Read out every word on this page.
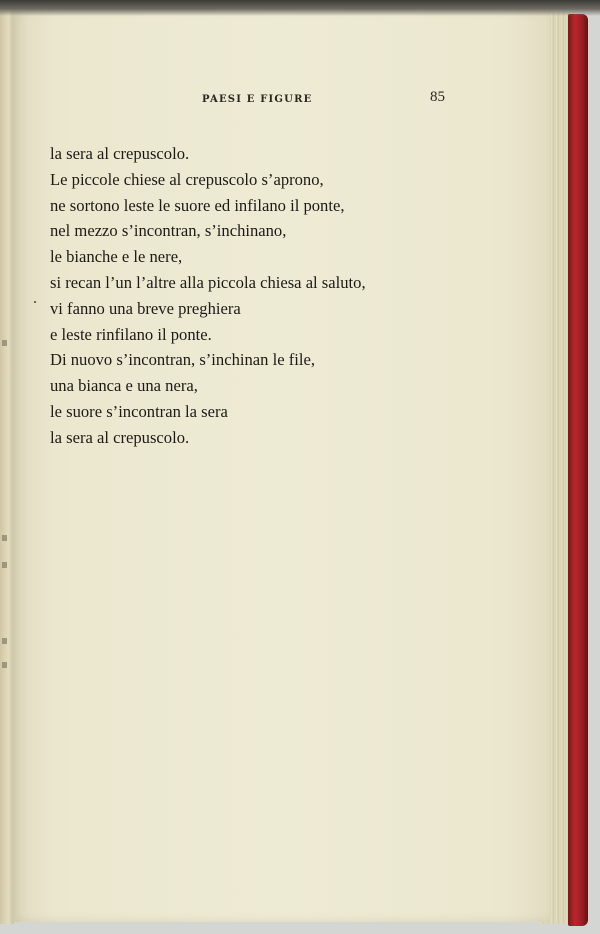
PAESI E FIGURE	85
la sera al crepuscolo.
Le piccole chiese al crepuscolo s’aprono,
ne sortono leste le suore ed infilano il ponte,
nel mezzo s’incontran, s’inchinano,
le bianche e le nere,
si recan l’un l’altre alla piccola chiesa al saluto,
vi fanno una breve preghiera
e leste rinfilano il ponte.
Di nuovo s’incontran, s’inchinan le file,
una bianca e una nera,
le suore s’incontran la sera
la sera al crepuscolo.
